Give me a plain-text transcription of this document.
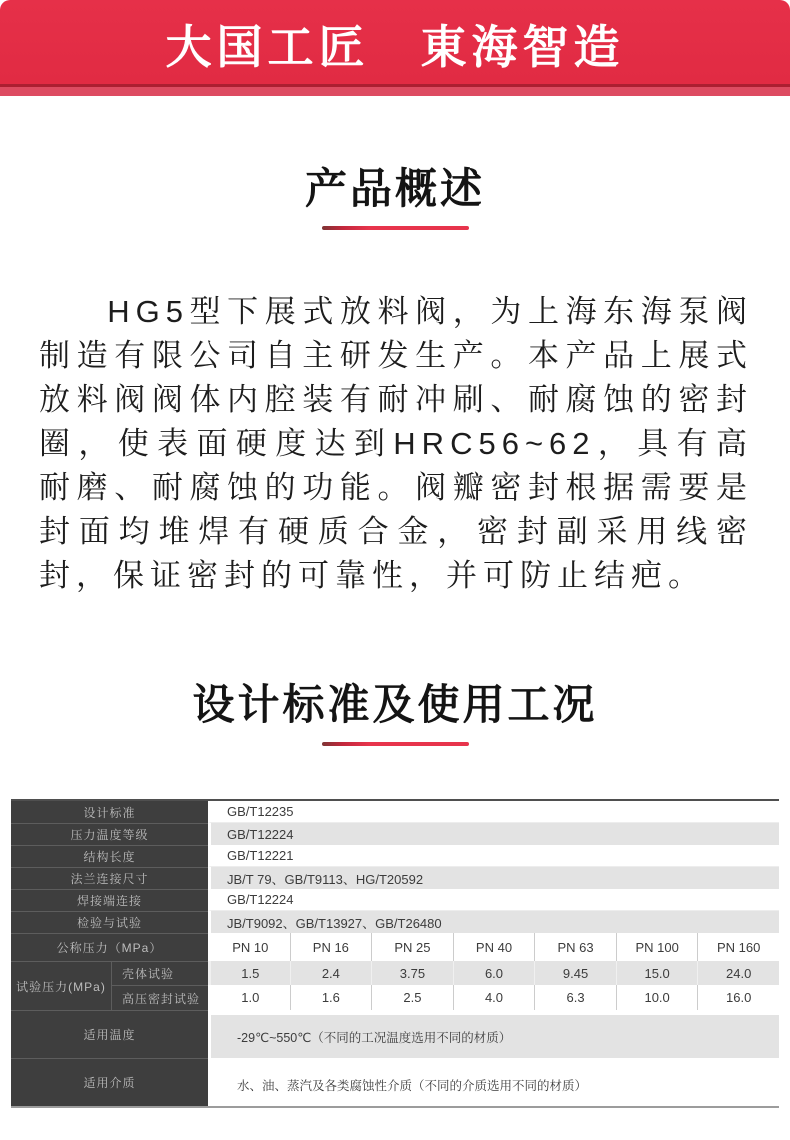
大国工匠　東海智造
产品概述

HG5型下展式放料阀，为上海东海泵阀制造有限公司自主研发生产。本产品上展式放料阀阀体内腔装有耐冲刷、耐腐蚀的密封圈，使表面硬度达到HRC56~62，具有高耐磨、耐腐蚀的功能。阀瓣密封根据需要是封面均堆焊有硬质合金，密封副采用线密封，保证密封的可靠性，并可防止结疤。

设计标准及使用工况
设计标准	GB/T12235
压力温度等级	GB/T12224
结构长度	GB/T12221
法兰连接尺寸	JB/T 79、GB/T9113、HG/T20592
焊接端连接	GB/T12224
检验与试验	JB/T9092、GB/T13927、GB/T26480
公称压力（MPa）	PN 10	PN 16	PN 25	PN 40	PN 63	PN 100	PN 160
试验压力(MPa)
壳体试验	1.5	2.4	3.75	6.0	9.45	15.0	24.0
高压密封试验	1.0	1.6	2.5	4.0	6.3	10.0	16.0
适用温度	-29℃~550℃（不同的工况温度选用不同的材质）
适用介质	水、油、蒸汽及各类腐蚀性介质（不同的介质选用不同的材质）
